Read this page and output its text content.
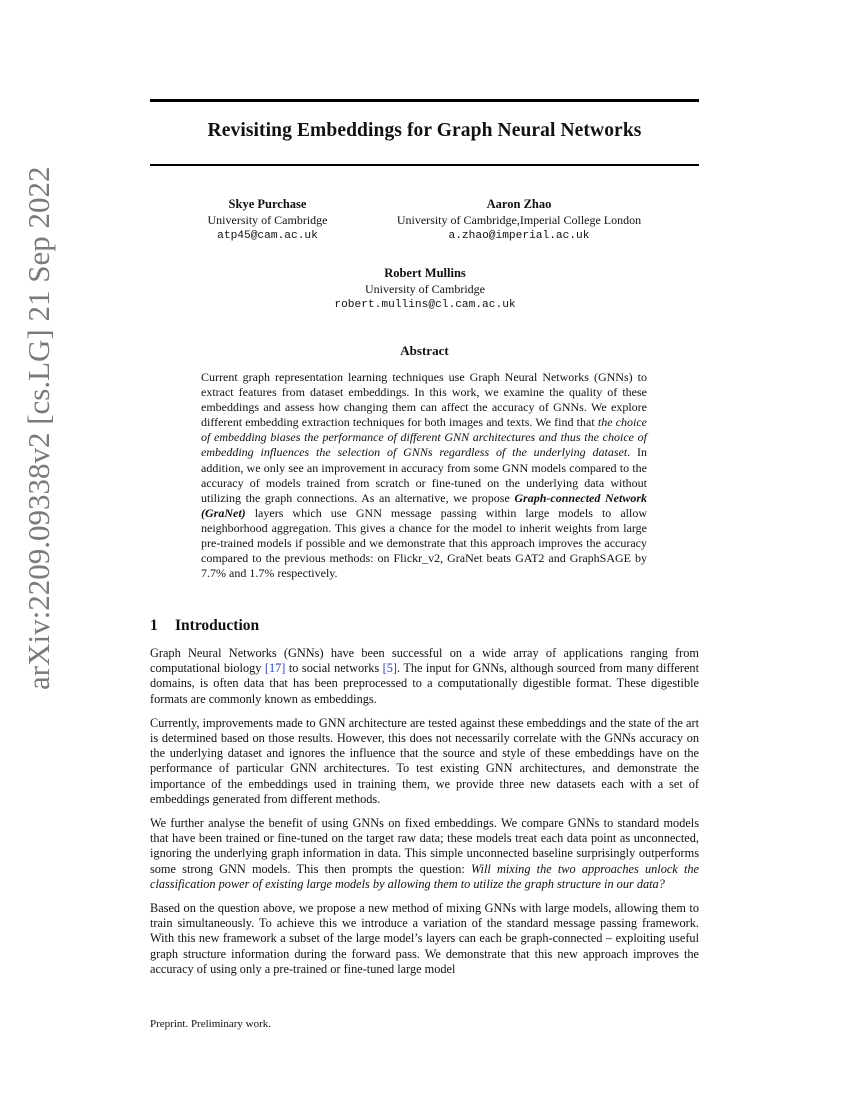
arXiv:2209.09338v2 [cs.LG] 21 Sep 2022
Revisiting Embeddings for Graph Neural Networks
Skye Purchase
University of Cambridge
atp45@cam.ac.uk
Aaron Zhao
University of Cambridge,Imperial College London
a.zhao@imperial.ac.uk
Robert Mullins
University of Cambridge
robert.mullins@cl.cam.ac.uk
Abstract

Current graph representation learning techniques use Graph Neural Networks (GNNs) to extract features from dataset embeddings. In this work, we examine the quality of these embeddings and assess how changing them can affect the accuracy of GNNs. We explore different embedding extraction techniques for both images and texts. We find that the choice of embedding biases the performance of different GNN architectures and thus the choice of embedding influences the selection of GNNs regardless of the underlying dataset. In addition, we only see an improvement in accuracy from some GNN models compared to the accuracy of models trained from scratch or fine-tuned on the underlying data without utilizing the graph connections. As an alternative, we propose Graph-connected Network (GraNet) layers which use GNN message passing within large models to allow neighborhood aggregation. This gives a chance for the model to inherit weights from large pre-trained models if possible and we demonstrate that this approach improves the accuracy compared to the previous methods: on Flickr_v2, GraNet beats GAT2 and GraphSAGE by 7.7% and 1.7% respectively.

1 Introduction

Graph Neural Networks (GNNs) have been successful on a wide array of applications ranging from computational biology [17] to social networks [5]. The input for GNNs, although sourced from many different domains, is often data that has been preprocessed to a computationally digestible format. These digestible formats are commonly known as embeddings.

Currently, improvements made to GNN architecture are tested against these embeddings and the state of the art is determined based on those results. However, this does not necessarily correlate with the GNNs accuracy on the underlying dataset and ignores the influence that the source and style of these embeddings have on the performance of particular GNN architectures. To test existing GNN architectures, and demonstrate the importance of the embeddings used in training them, we provide three new datasets each with a set of embeddings generated from different methods.

We further analyse the benefit of using GNNs on fixed embeddings. We compare GNNs to standard models that have been trained or fine-tuned on the target raw data; these models treat each data point as unconnected, ignoring the underlying graph information in data. This simple unconnected baseline surprisingly outperforms some strong GNN models. This then prompts the question: Will mixing the two approaches unlock the classification power of existing large models by allowing them to utilize the graph structure in our data?

Based on the question above, we propose a new method of mixing GNNs with large models, allowing them to train simultaneously. To achieve this we introduce a variation of the standard message passing framework. With this new framework a subset of the large model’s layers can each be graph-connected – exploiting useful graph structure information during the forward pass. We demonstrate that this new approach improves the accuracy of using only a pre-trained or fine-tuned large model

Preprint. Preliminary work.
